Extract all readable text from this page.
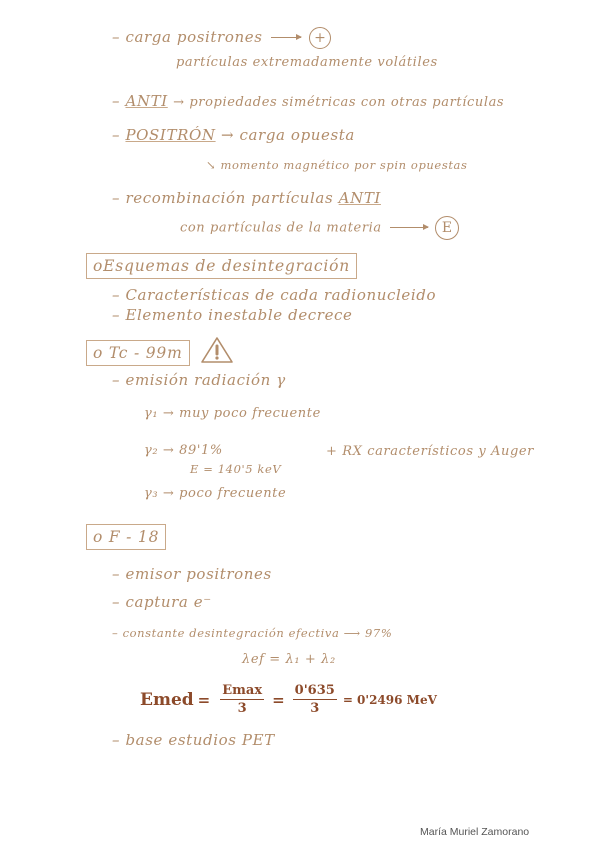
– carga positrones	+
partículas extremadamente volátiles
– ANTI → propiedades simétricas con otras partículas
– POSITRÓN → carga opuesta
↘ momento magnético por spin opuestas
– recombinación partículas ANTI
con partículas de la materia	E
oEsquemas de desintegración
– Características de cada radionucleido
– Elemento inestable decrece
o Tc - 99m
– emisión radiación γ
γ₁ → muy poco frecuente
γ₂ → 89'1%
E = 140'5 keV
+ RX característicos y Auger
γ₃ → poco frecuente
o F - 18
– emisor positrones
– captura e⁻
– constante desintegración efectiva ⟶ 97%
λef = λ₁ + λ₂
Emed = $\frac{Emax}{3} = \frac{0'635}{3} = 0'2496$ MeV
– base estudios PET
María Muriel Zamorano
